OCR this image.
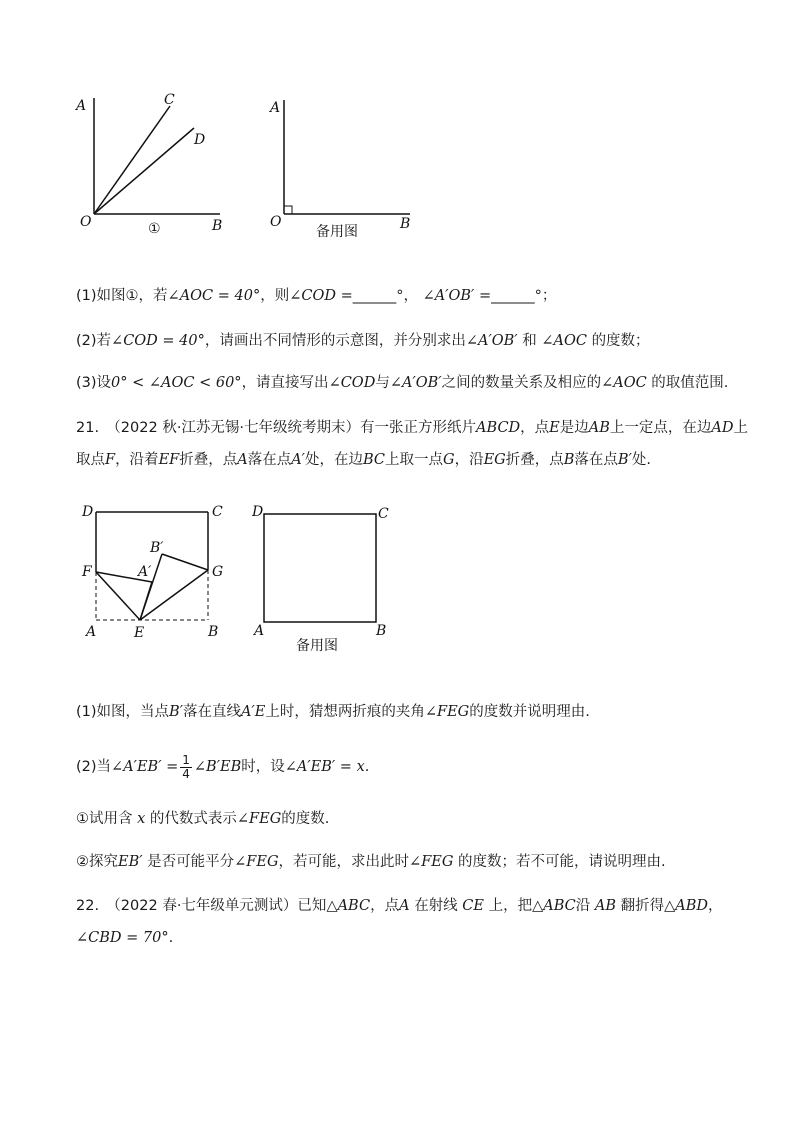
A	C
D
O	B
①
A
O	B
备用图
(1)如图①，若∠AOC = 40°，则∠COD =______°， ∠A′OB′ =______°；
(2)若∠COD = 40°，请画出不同情形的示意图，并分别求出∠A′OB′ 和 ∠AOC 的度数；
(3)设0° < ∠AOC < 60°，请直接写出∠COD与∠A′OB′之间的数量关系及相应的∠AOC 的取值范围.
21.　（2022 秋·江苏无锡·七年级统考期末）有一张正方形纸片ABCD，点E是边AB上一定点，在边AD上
取点F，沿着EF折叠，点A落在点A′处，在边BC上取一点G，沿EG折叠，点B落在点B′处.
D	C
F	G
A	E	B
A′
B′
D	C
A	B
备用图
(1)如图，当点B′落在直线A′E上时，猜想两折痕的夹角∠FEG的度数并说明理由.
(2)当∠A′EB′ = $\frac{1}{4}$ ∠B′EB时，设∠A′EB′ = x.
①试用含 x 的代数式表示∠FEG的度数.
②探究EB′ 是否可能平分∠FEG，若可能，求出此时∠FEG 的度数；若不可能，请说明理由.
22.　（2022 春·七年级单元测试）已知△ABC，点A 在射线 CE 上，把△ABC沿 AB 翻折得△ABD，
∠CBD = 70°.
